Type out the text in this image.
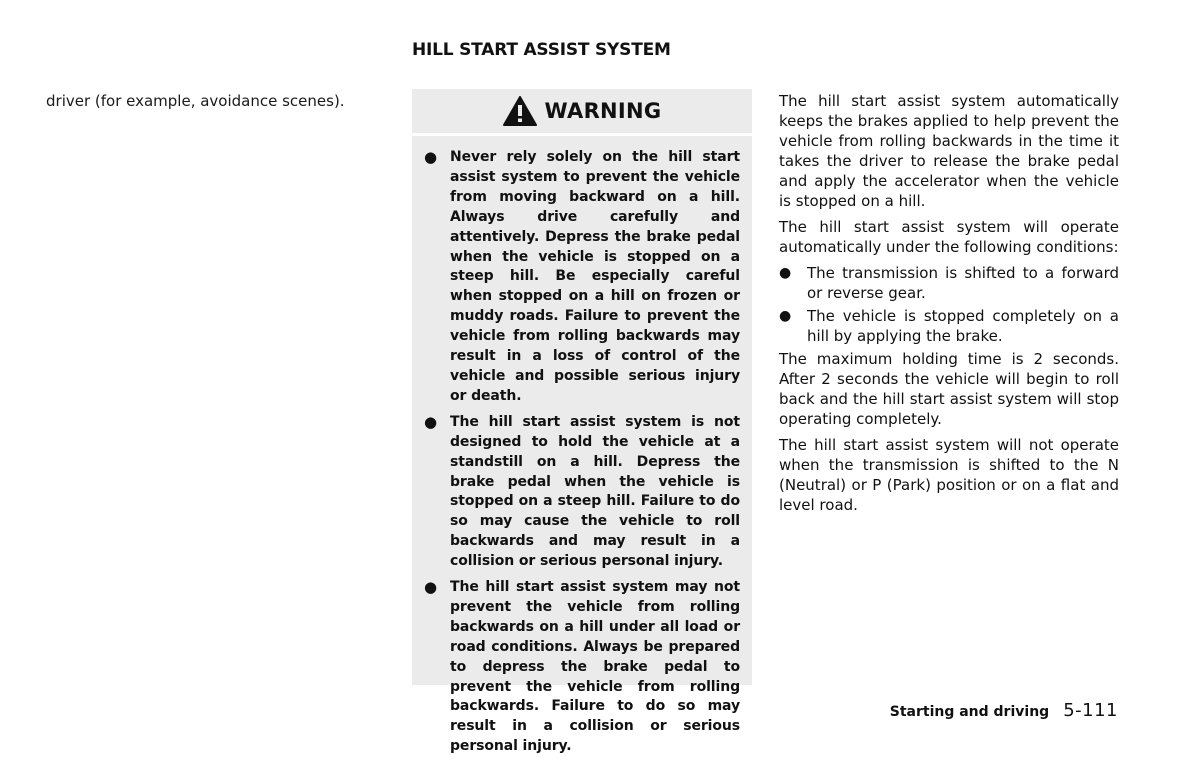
HILL START ASSIST SYSTEM
driver (for example, avoidance scenes).	WARNING
● Never rely solely on the hill start assist system to prevent the vehicle from moving backward on a hill. Always drive carefully and attentively. Depress the brake pedal when the vehicle is stopped on a steep hill. Be especially careful when stopped on a hill on frozen or muddy roads. Failure to prevent the vehicle from rolling backwards may result in a loss of control of the vehicle and possible serious injury or death.
● The hill start assist system is not designed to hold the vehicle at a standstill on a hill. Depress the brake pedal when the vehicle is stopped on a steep hill. Failure to do so may cause the vehicle to roll backwards and may result in a collision or serious personal injury.
● The hill start assist system may not prevent the vehicle from rolling backwards on a hill under all load or road conditions. Always be prepared to depress the brake pedal to prevent the vehicle from rolling backwards. Failure to do so may result in a collision or serious personal injury.

The hill start assist system automatically keeps the brakes applied to help prevent the vehicle from rolling backwards in the time it takes the driver to release the brake pedal and apply the accelerator when the vehicle is stopped on a hill.

The hill start assist system will operate automatically under the following conditions:

● The transmission is shifted to a forward or reverse gear.
● The vehicle is stopped completely on a hill by applying the brake.

The maximum holding time is 2 seconds. After 2 seconds the vehicle will begin to roll back and the hill start assist system will stop operating completely.

The hill start assist system will not operate when the transmission is shifted to the N (Neutral) or P (Park) position or on a flat and level road.

Starting and driving 5-111
